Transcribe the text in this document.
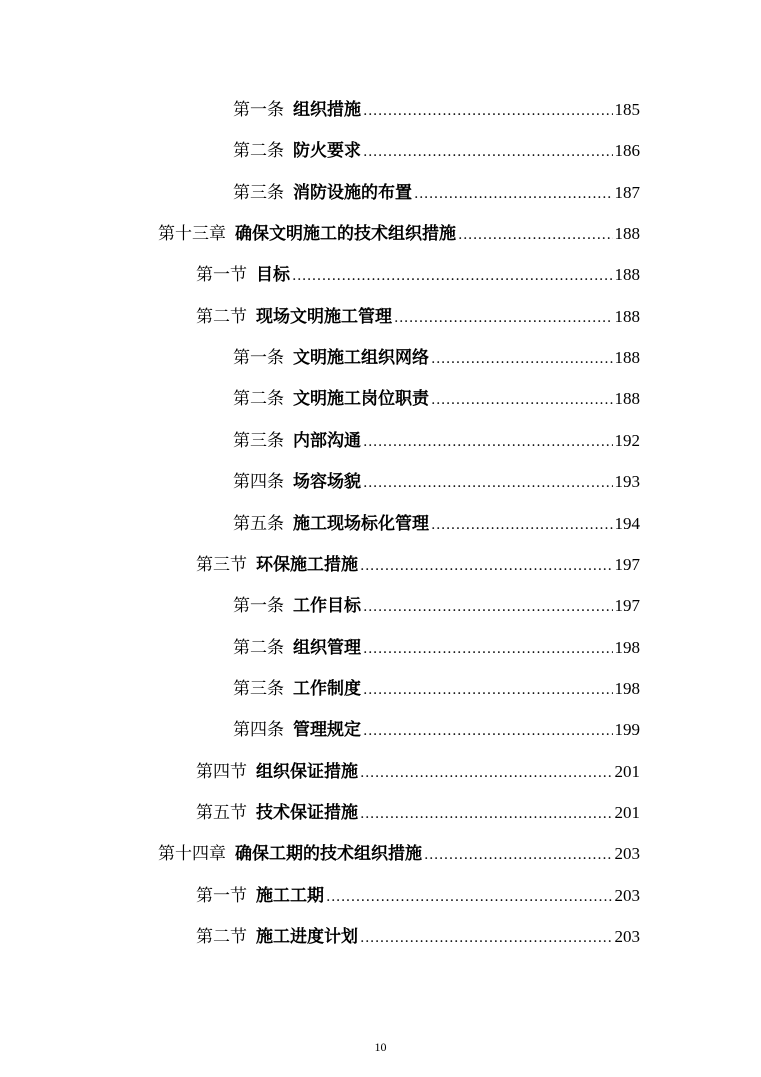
第一条 组织措施 .....	185
第二条 防火要求 .....	186
第三条 消防设施的布置 .....	187
第十三章 确保文明施工的技术组织措施 .....	188
第一节 目标 .....	188
第二节 现场文明施工管理 .....	188
第一条 文明施工组织网络 .....	188
第二条 文明施工岗位职责 .....	188
第三条 内部沟通 .....	192
第四条 场容场貌 .....	193
第五条 施工现场标化管理 .....	194
第三节 环保施工措施 .....	197
第一条 工作目标 .....	197
第二条 组织管理 .....	198
第三条 工作制度 .....	198
第四条 管理规定 .....	199
第四节 组织保证措施 .....	201
第五节 技术保证措施 .....	201
第十四章 确保工期的技术组织措施 .....	203
第一节 施工工期 .....	203
第二节 施工进度计划 .....	203
10
